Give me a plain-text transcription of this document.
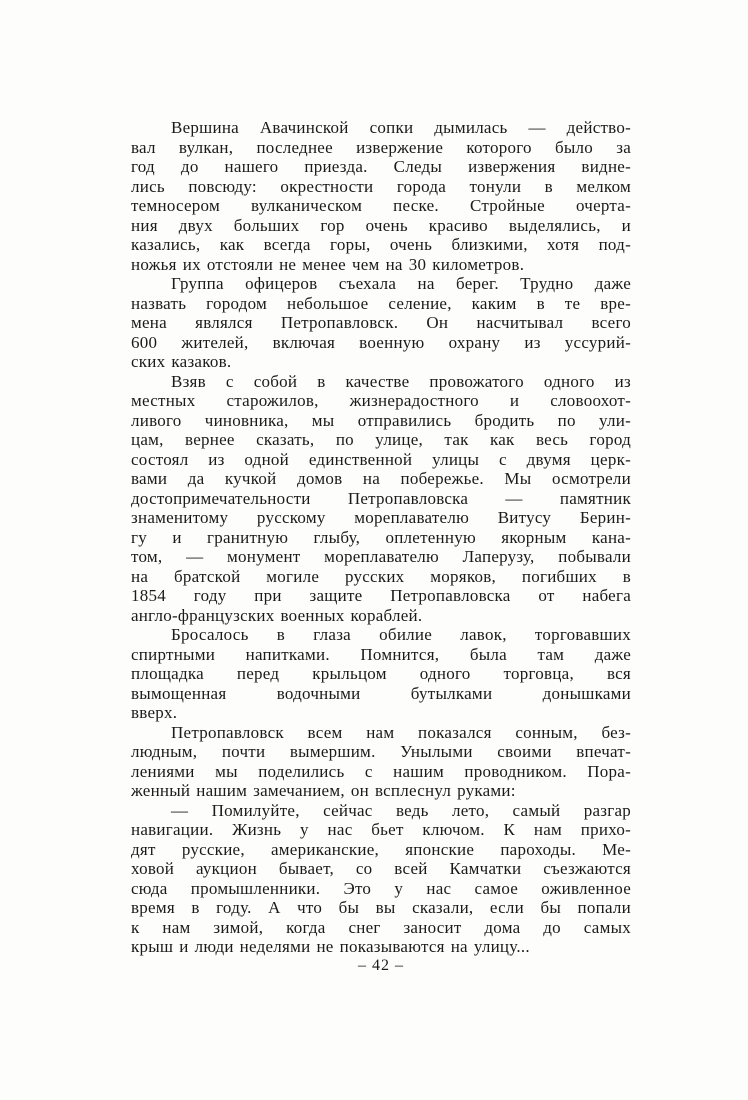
Вершина Авачинской сопки дымилась — действо-
вал вулкан, последнее извержение которого было за
год до нашего приезда. Следы извержения видне-
лись повсюду: окрестности города тонули в мелком
темносером вулканическом песке. Стройные очерта-
ния двух больших гор очень красиво выделялись, и
казались, как всегда горы, очень близкими, хотя под-
ножья их отстояли не менее чем на 30 километров.

Группа офицеров съехала на берег. Трудно даже
назвать городом небольшое селение, каким в те вре-
мена являлся Петропавловск. Он насчитывал всего
600 жителей, включая военную охрану из уссурий-
ских казаков.

Взяв с собой в качестве провожатого одного из
местных старожилов, жизнерадостного и словоохот-
ливого чиновника, мы отправились бродить по ули-
цам, вернее сказать, по улице, так как весь город
состоял из одной единственной улицы с двумя церк-
вами да кучкой домов на побережье. Мы осмотрели
достопримечательности Петропавловска — памятник
знаменитому русскому мореплавателю Витусу Берин-
гу и гранитную глыбу, оплетенную якорным кана-
том, — монумент мореплавателю Лаперузу, побывали
на братской могиле русских моряков, погибших в
1854 году при защите Петропавловска от набега
англо-французских военных кораблей.

Бросалось в глаза обилие лавок, торговавших
спиртными напитками. Помнится, была там даже
площадка перед крыльцом одного торговца, вся
вымощенная водочными бутылками донышками
вверх.

Петропавловск всем нам показался сонным, без-
людным, почти вымершим. Унылыми своими впечат-
лениями мы поделились с нашим проводником. Пора-
женный нашим замечанием, он всплеснул руками:

— Помилуйте, сейчас ведь лето, самый разгар
навигации. Жизнь у нас бьет ключом. К нам прихо-
дят русские, американские, японские пароходы. Ме-
ховой аукцион бывает, со всей Камчатки съезжаются
сюда промышленники. Это у нас самое оживленное
время в году. А что бы вы сказали, если бы попали
к нам зимой, когда снег заносит дома до самых
крыш и люди неделями не показываются на улицу...

– 42 –
